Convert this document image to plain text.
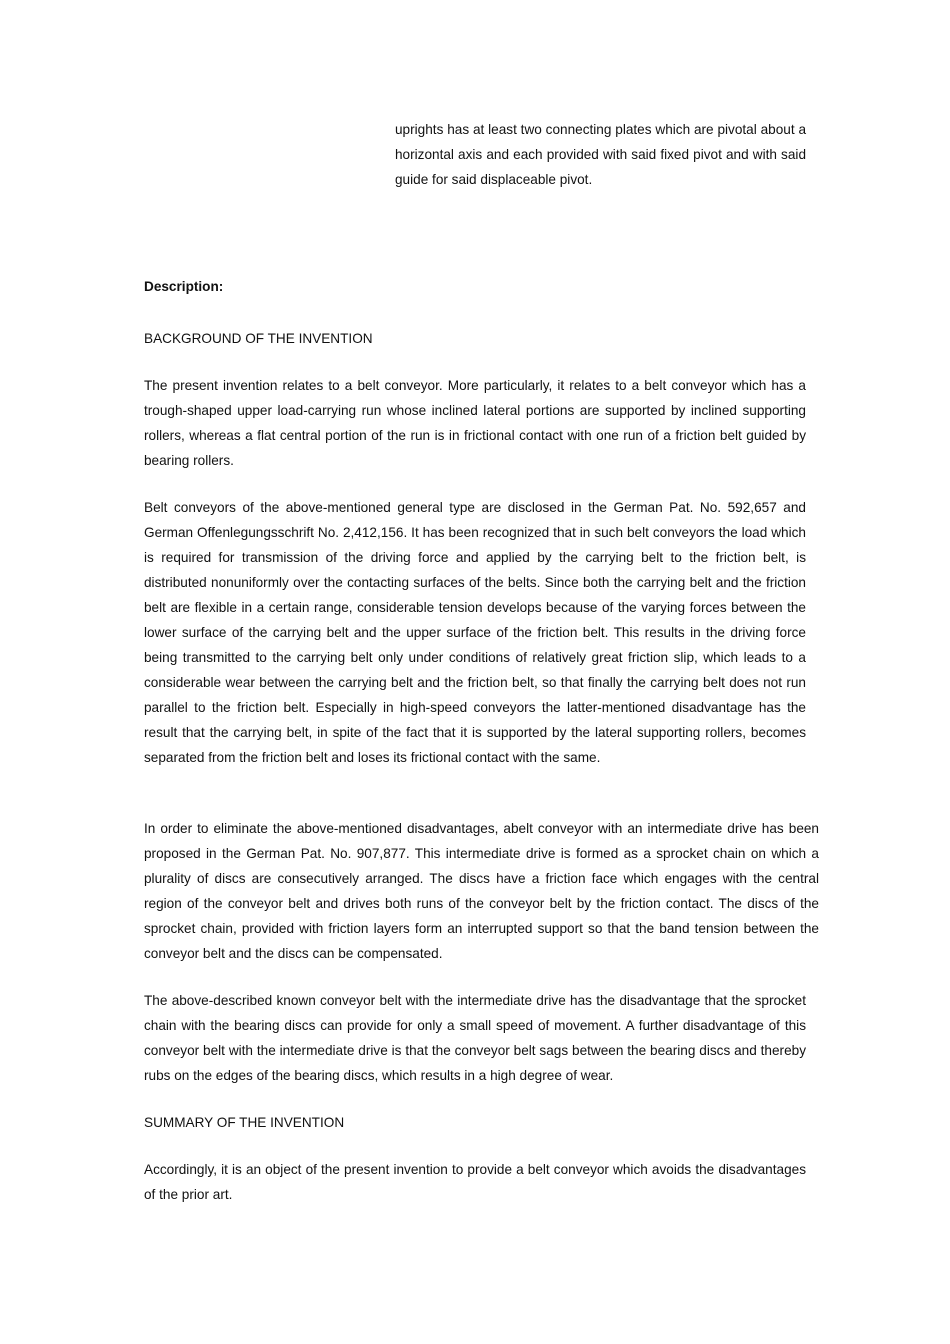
uprights has at least two connecting plates which are pivotal about a horizontal axis and each provided with said fixed pivot and with said guide for said displaceable pivot.

Description:

BACKGROUND OF THE INVENTION

The present invention relates to a belt conveyor. More particularly, it relates to a belt conveyor which has a trough-shaped upper load-carrying run whose inclined lateral portions are supported by inclined supporting rollers, whereas a flat central portion of the run is in frictional contact with one run of a friction belt guided by bearing rollers.

Belt conveyors of the above-mentioned general type are disclosed in the German Pat. No. 592,657 and German Offenlegungsschrift No. 2,412,156. It has been recognized that in such belt conveyors the load which is required for transmission of the driving force and applied by the carrying belt to the friction belt, is distributed nonuniformly over the contacting surfaces of the belts. Since both the carrying belt and the friction belt are flexible in a certain range, considerable tension develops because of the varying forces between the lower surface of the carrying belt and the upper surface of the friction belt. This results in the driving force being transmitted to the carrying belt only under conditions of relatively great friction slip, which leads to a considerable wear between the carrying belt and the friction belt, so that finally the carrying belt does not run parallel to the friction belt. Especially in high-speed conveyors the latter-mentioned disadvantage has the result that the carrying belt, in spite of the fact that it is supported by the lateral supporting rollers, becomes separated from the friction belt and loses its frictional contact with the same.

In order to eliminate the above-mentioned disadvantages, abelt conveyor with an intermediate drive has been proposed in the German Pat. No. 907,877. This intermediate drive is formed as a sprocket chain on which a plurality of discs are consecutively arranged. The discs have a friction face which engages with the central region of the conveyor belt and drives both runs of the conveyor belt by the friction contact. The discs of the sprocket chain, provided with friction layers form an interrupted support so that the band tension between the conveyor belt and the discs can be compensated.

The above-described known conveyor belt with the intermediate drive has the disadvantage that the sprocket chain with the bearing discs can provide for only a small speed of movement. A further disadvantage of this conveyor belt with the intermediate drive is that the conveyor belt sags between the bearing discs and thereby rubs on the edges of the bearing discs, which results in a high degree of wear.

SUMMARY OF THE INVENTION

Accordingly, it is an object of the present invention to provide a belt conveyor which avoids the disadvantages of the prior art.
